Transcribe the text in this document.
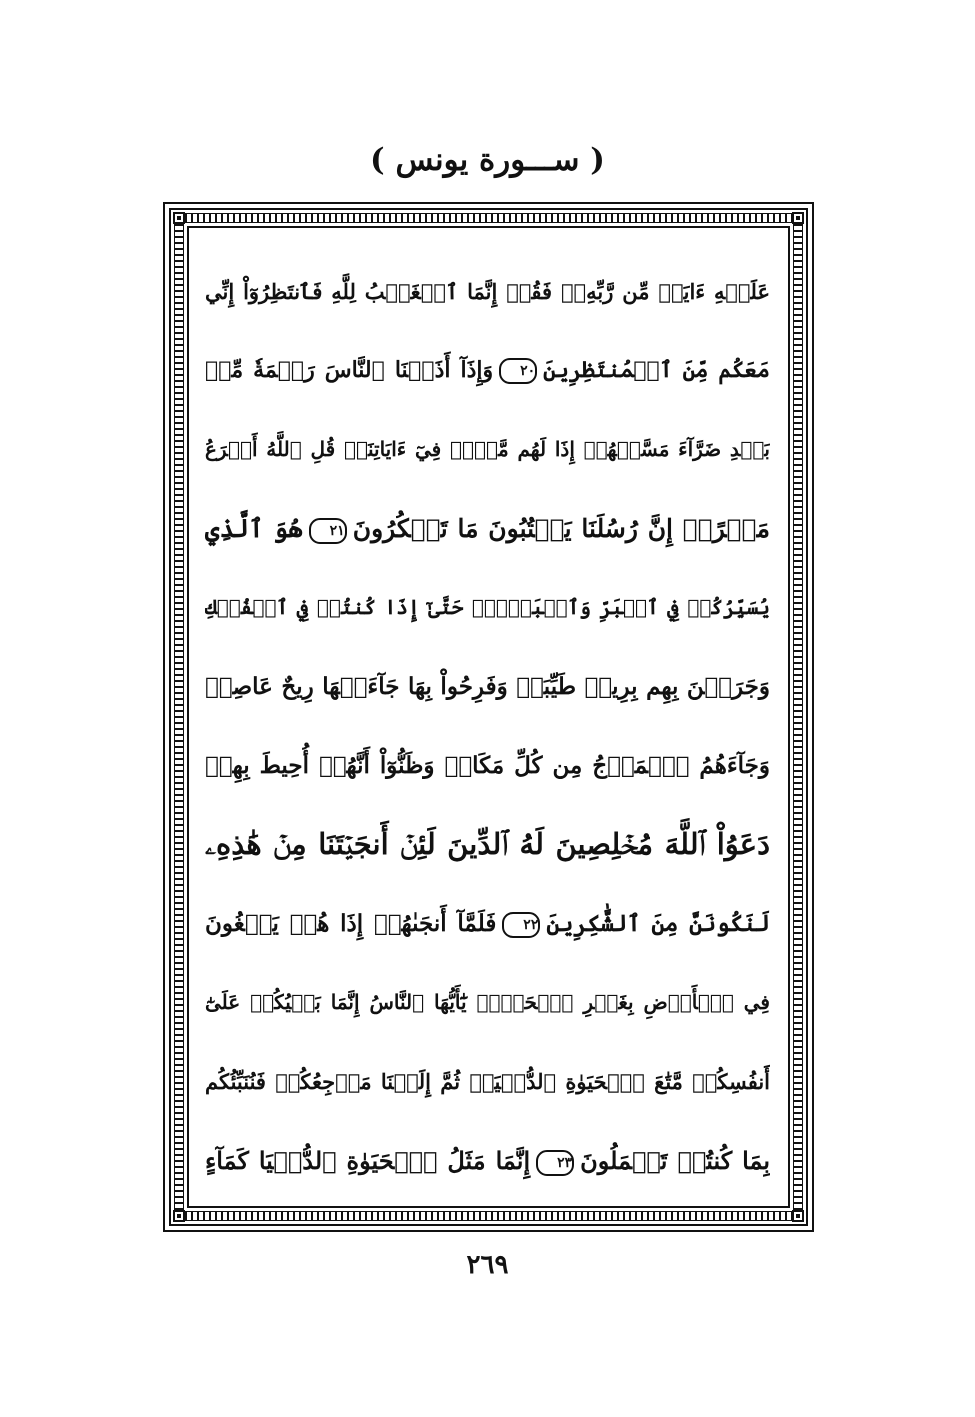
( ســـورة يونس )
عَلَيۡهِ ءَايَةٞ مِّن رَّبِّهِۦۖ فَقُلۡ إِنَّمَا ٱلۡغَيۡبُ لِلَّهِ فَٱنتَظِرُوٓاْ إِنِّي
مَعَكُم مِّنَ ٱلۡمُنتَظِرِينَ٢٠وَإِذَآ أَذَقۡنَا ٱلنَّاسَ رَحۡمَةٗ مِّنۢ
بَعۡدِ ضَرَّآءَ مَسَّتۡهُمۡ إِذَا لَهُم مَّكۡرٞ فِيٓ ءَايَاتِنَاۚ قُلِ ٱللَّهُ أَسۡرَعُ
مَكۡرًاۚ إِنَّ رُسُلَنَا يَكۡتُبُونَ مَا تَمۡكُرُونَ٢١هُوَ ٱلَّذِي
يُسَيِّرُكُمۡ فِي ٱلۡبَرِّ وَٱلۡبَحۡرِۖ حَتَّىٰٓ إِذَا كُنتُمۡ فِي ٱلۡفُلۡكِ
وَجَرَيۡنَ بِهِم بِرِيحٖ طَيِّبَةٖ وَفَرِحُواْ بِهَا جَآءَتۡهَا رِيحٌ عَاصِفٞ
وَجَآءَهُمُ ٱلۡمَوۡجُ مِن كُلِّ مَكَانٖ وَظَنُّوٓاْ أَنَّهُمۡ أُحِيطَ بِهِمۡ
دَعَوُاْ ٱللَّهَ مُخۡلِصِينَ لَهُ ٱلدِّينَ لَئِنۡ أَنجَيۡتَنَا مِنۡ هَٰذِهِۦ
لَنَكُونَنَّ مِنَ ٱلشَّٰكِرِينَ٢٢فَلَمَّآ أَنجَىٰهُمۡ إِذَا هُمۡ يَبۡغُونَ
فِي ٱلۡأَرۡضِ بِغَيۡرِ ٱلۡحَقِّۗ يَٰٓأَيُّهَا ٱلنَّاسُ إِنَّمَا بَغۡيُكُمۡ عَلَىٰٓ
أَنفُسِكُمۖ مَّتَٰعَ ٱلۡحَيَوٰةِ ٱلدُّنۡيَاۖ ثُمَّ إِلَيۡنَا مَرۡجِعُكُمۡ فَنُنَبِّئُكُم
بِمَا كُنتُمۡ تَعۡمَلُونَ٢٣إِنَّمَا مَثَلُ ٱلۡحَيَوٰةِ ٱلدُّنۡيَا كَمَآءٍ
٢٦٩
